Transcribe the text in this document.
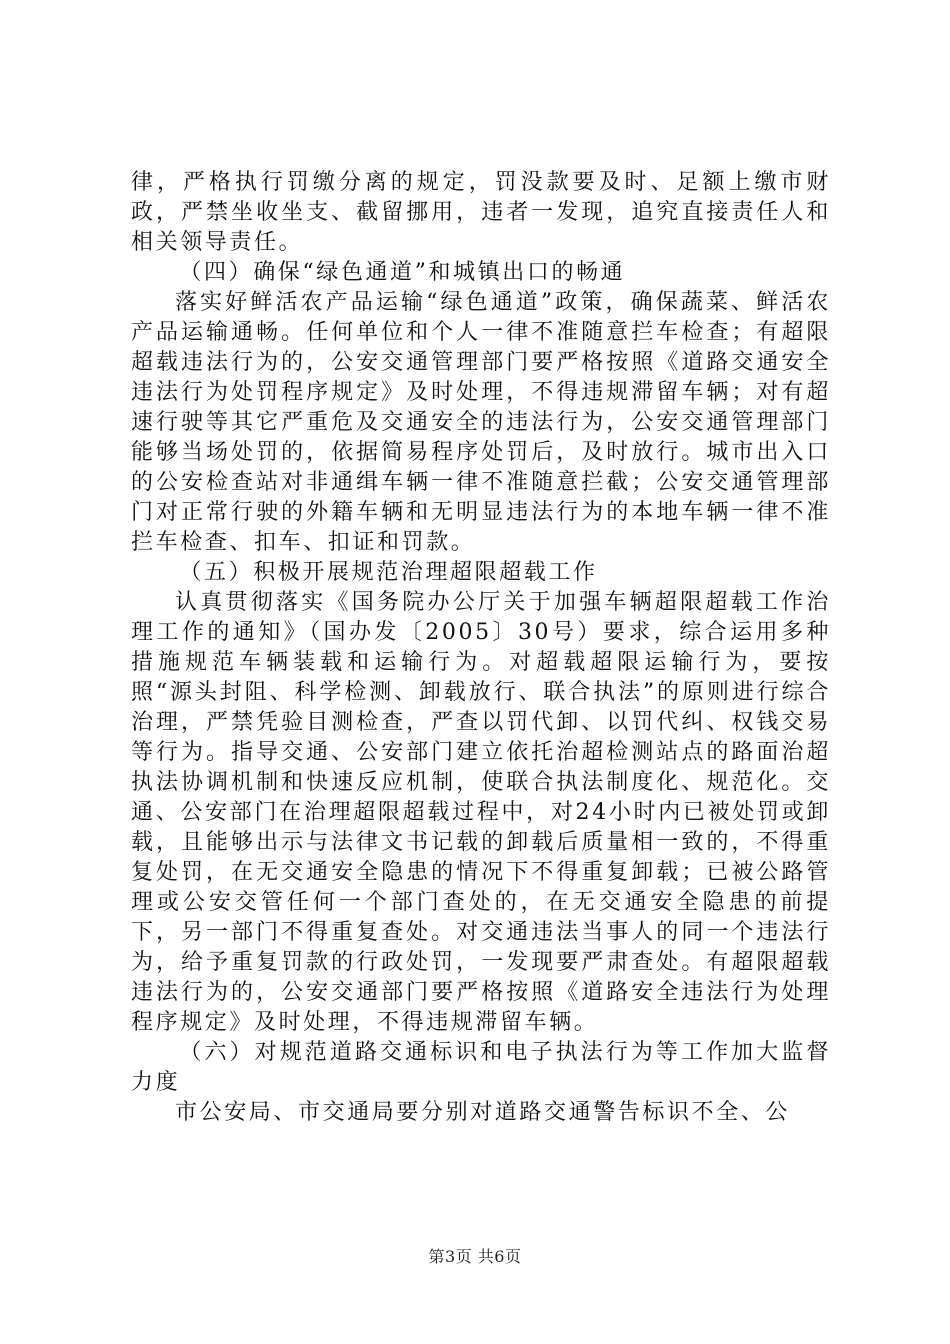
律，严格执行罚缴分离的规定，罚没款要及时、足额上缴市财政，严禁坐收坐支、截留挪用，违者一发现，追究直接责任人和相关领导责任。

（四）确保“绿色通道”和城镇出口的畅通

落实好鲜活农产品运输“绿色通道”政策，确保蔬菜、鲜活农产品运输通畅。任何单位和个人一律不准随意拦车检查；有超限超载违法行为的，公安交通管理部门要严格按照《道路交通安全违法行为处罚程序规定》及时处理，不得违规滞留车辆；对有超速行驶等其它严重危及交通安全的违法行为，公安交通管理部门能够当场处罚的，依据简易程序处罚后，及时放行。城市出入口的公安检查站对非通缉车辆一律不准随意拦截；公安交通管理部门对正常行驶的外籍车辆和无明显违法行为的本地车辆一律不准拦车检查、扣车、扣证和罚款。

（五）积极开展规范治理超限超载工作

认真贯彻落实《国务院办公厅关于加强车辆超限超载工作治理工作的通知》（国办发〔2005〕30号）要求，综合运用多种措施规范车辆装载和运输行为。对超载超限运输行为，要按照“源头封阻、科学检测、卸载放行、联合执法”的原则进行综合治理，严禁凭验目测检查，严查以罚代卸、以罚代纠、权钱交易等行为。指导交通、公安部门建立依托治超检测站点的路面治超执法协调机制和快速反应机制，使联合执法制度化、规范化。交通、公安部门在治理超限超载过程中，对24小时内已被处罚或卸载，且能够出示与法律文书记载的卸载后质量相一致的，不得重复处罚，在无交通安全隐患的情况下不得重复卸载；已被公路管理或公安交管任何一个部门查处的，在无交通安全隐患的前提下，另一部门不得重复查处。对交通违法当事人的同一个违法行为，给予重复罚款的行政处罚，一发现要严肃查处。有超限超载违法行为的，公安交通部门要严格按照《道路安全违法行为处理程序规定》及时处理，不得违规滞留车辆。

（六）对规范道路交通标识和电子执法行为等工作加大监督力度

市公安局、市交通局要分别对道路交通警告标识不全、公

第3页 共6页
